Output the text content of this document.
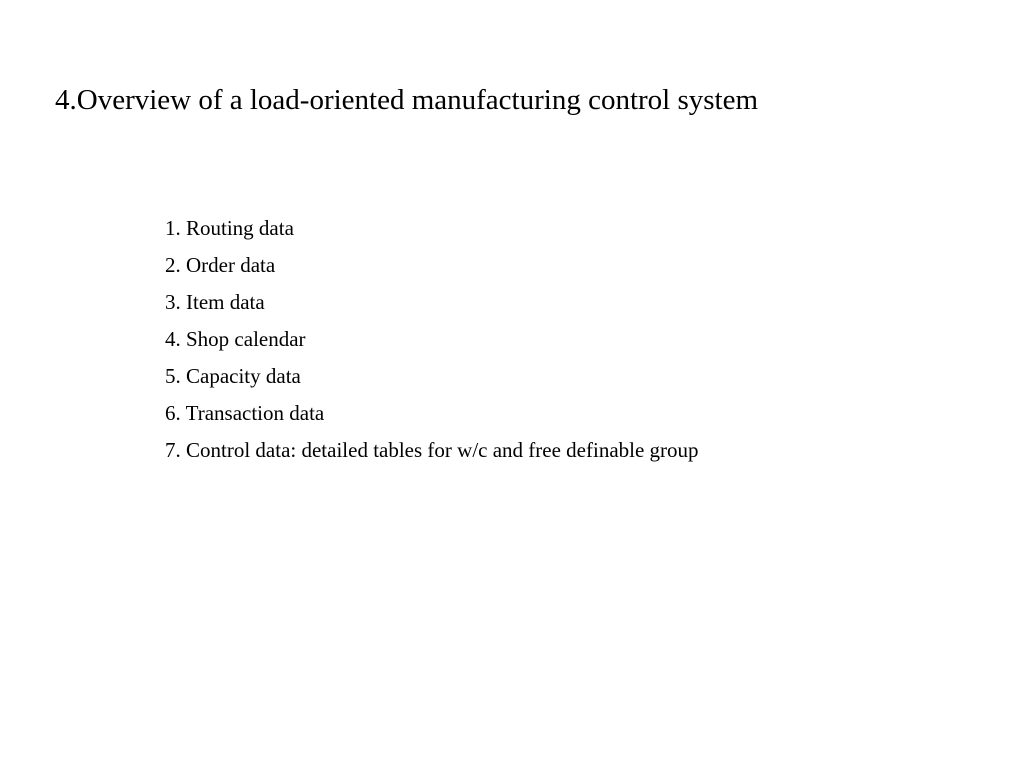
4.Overview of a load-oriented manufacturing control system
1. Routing data
2. Order data
3. Item data
4. Shop calendar
5. Capacity data
6. Transaction data
7. Control data: detailed tables for w/c and free definable group
